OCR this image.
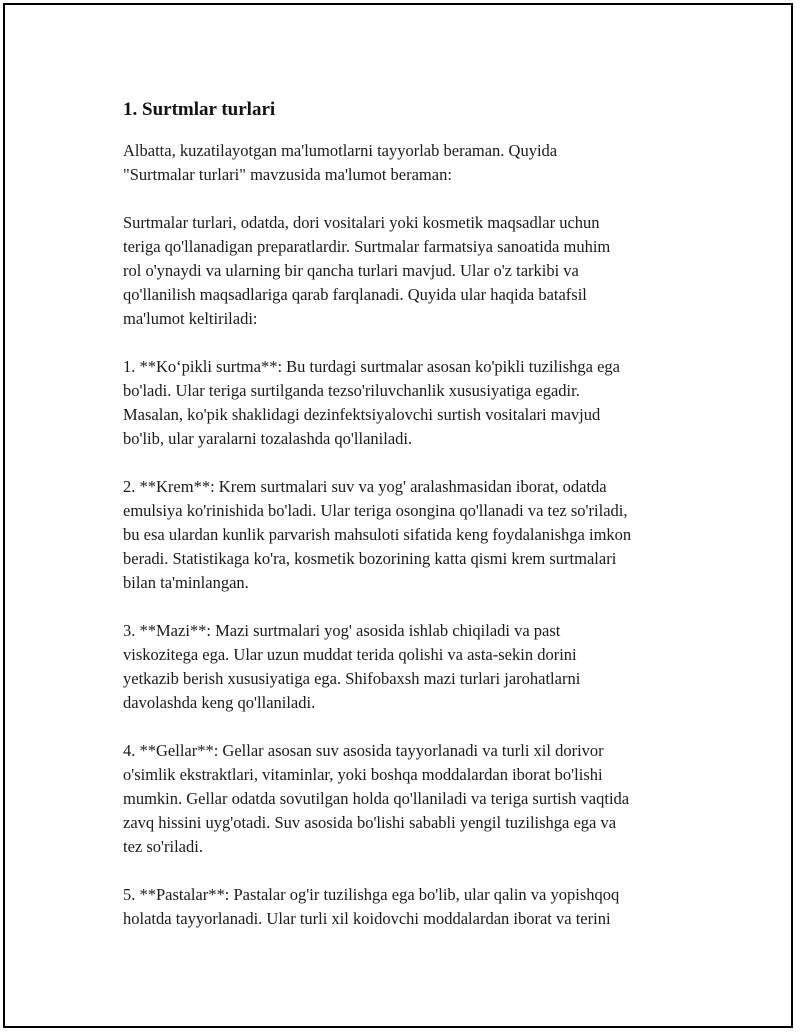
1. Surtmlar turlari
Albatta, kuzatilayotgan ma'lumotlarni tayyorlab beraman. Quyida
"Surtmalar turlari" mavzusida ma'lumot beraman:
Surtmalar turlari, odatda, dori vositalari yoki kosmetik maqsadlar uchun
teriga qo'llanadigan preparatlardir. Surtmalar farmatsiya sanoatida muhim
rol o'ynaydi va ularning bir qancha turlari mavjud. Ular o'z tarkibi va
qo'llanilish maqsadlariga qarab farqlanadi. Quyida ular haqida batafsil
ma'lumot keltiriladi:
1. **Ko‘pikli surtma**: Bu turdagi surtmalar asosan ko'pikli tuzilishga ega
bo'ladi. Ular teriga surtilganda tezso'riluvchanlik xususiyatiga egadir.
Masalan, ko'pik shaklidagi dezinfektsiyalovchi surtish vositalari mavjud
bo'lib, ular yaralarni tozalashda qo'llaniladi.
2. **Krem**: Krem surtmalari suv va yog' aralashmasidan iborat, odatda
emulsiya ko'rinishida bo'ladi. Ular teriga osongina qo'llanadi va tez so'riladi,
bu esa ulardan kunlik parvarish mahsuloti sifatida keng foydalanishga imkon
beradi. Statistikaga ko'ra, kosmetik bozorining katta qismi krem surtmalari
bilan ta'minlangan.
3. **Mazi**: Mazi surtmalari yog' asosida ishlab chiqiladi va past
viskozitega ega. Ular uzun muddat terida qolishi va asta-sekin dorini
yetkazib berish xususiyatiga ega. Shifobaxsh mazi turlari jarohatlarni
davolashda keng qo'llaniladi.
4. **Gellar**: Gellar asosan suv asosida tayyorlanadi va turli xil dorivor
o'simlik ekstraktlari, vitaminlar, yoki boshqa moddalardan iborat bo'lishi
mumkin. Gellar odatda sovutilgan holda qo'llaniladi va teriga surtish vaqtida
zavq hissini uyg'otadi. Suv asosida bo'lishi sababli yengil tuzilishga ega va
tez so'riladi.
5. **Pastalar**: Pastalar og'ir tuzilishga ega bo'lib, ular qalin va yopishqoq
holatda tayyorlanadi. Ular turli xil koidovchi moddalardan iborat va terini
